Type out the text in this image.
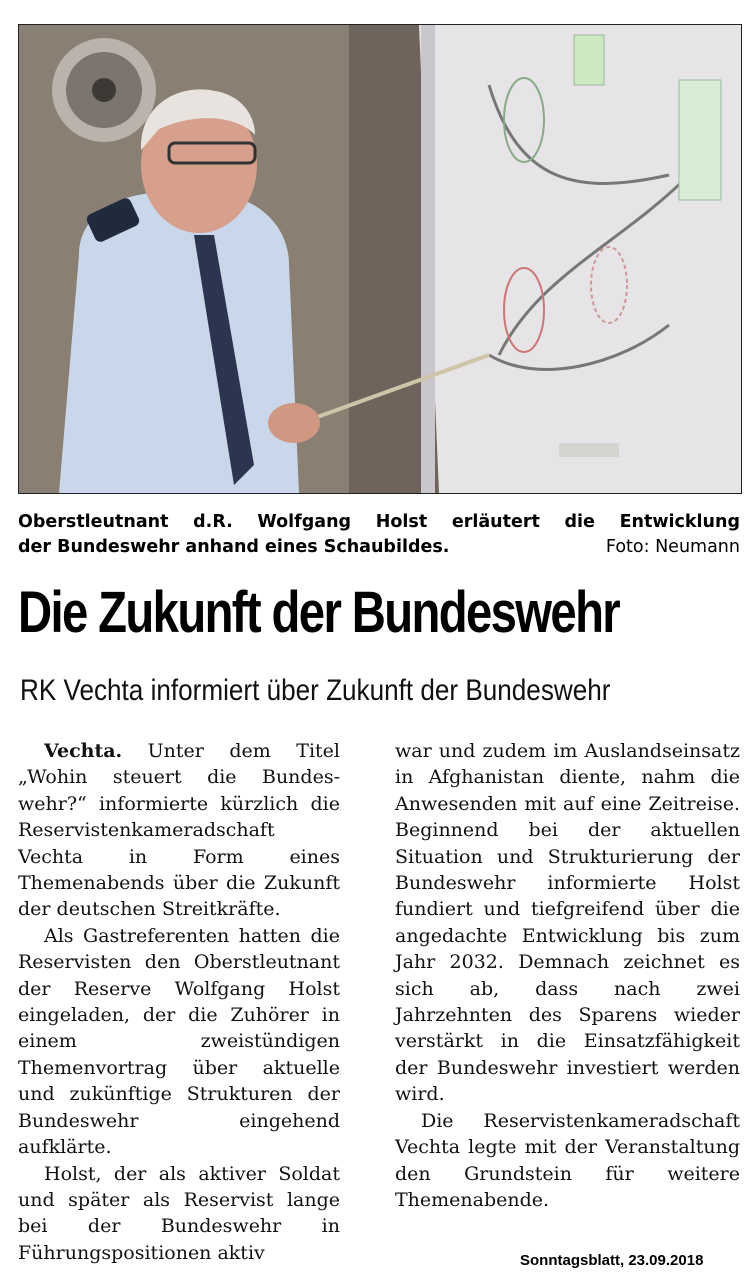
Oberstleutnant d.R. Wolfgang Holst erläutert die Entwicklung
der Bundeswehr anhand eines Schaubildes.	Foto: Neumann
Die Zukunft der Bundeswehr
RK Vechta informiert über Zukunft der Bundeswehr

Vechta. Unter dem Titel „Wohin steuert die Bundeswehr?“ informierte kürzlich die Reservistenkameradschaft Vechta in Form eines Themenabends über die Zukunft der deutschen Streitkräfte.

Als Gastreferenten hatten die Reservisten den Oberstleutnant der Reserve Wolfgang Holst eingeladen, der die Zuhörer in einem zweistündigen Themenvortrag über aktuelle und zukünftige Strukturen der Bundeswehr eingehend aufklärte.

Holst, der als aktiver Soldat und später als Reservist lange bei der Bundeswehr in Führungspositionen aktiv

war und zudem im Auslandseinsatz in Afghanistan diente, nahm die Anwesenden mit auf eine Zeitreise. Beginnend bei der aktuellen Situation und Strukturierung der Bundeswehr informierte Holst fundiert und tiefgreifend über die angedachte Entwicklung bis zum Jahr 2032. Demnach zeichnet es sich ab, dass nach zwei Jahrzehnten des Sparens wieder verstärkt in die Einsatzfähigkeit der Bundeswehr investiert werden wird.

Die Reservistenkameradschaft Vechta legte mit der Veranstaltung den Grundstein für weitere Themenabende.

Sonntagsblatt, 23.09.2018
